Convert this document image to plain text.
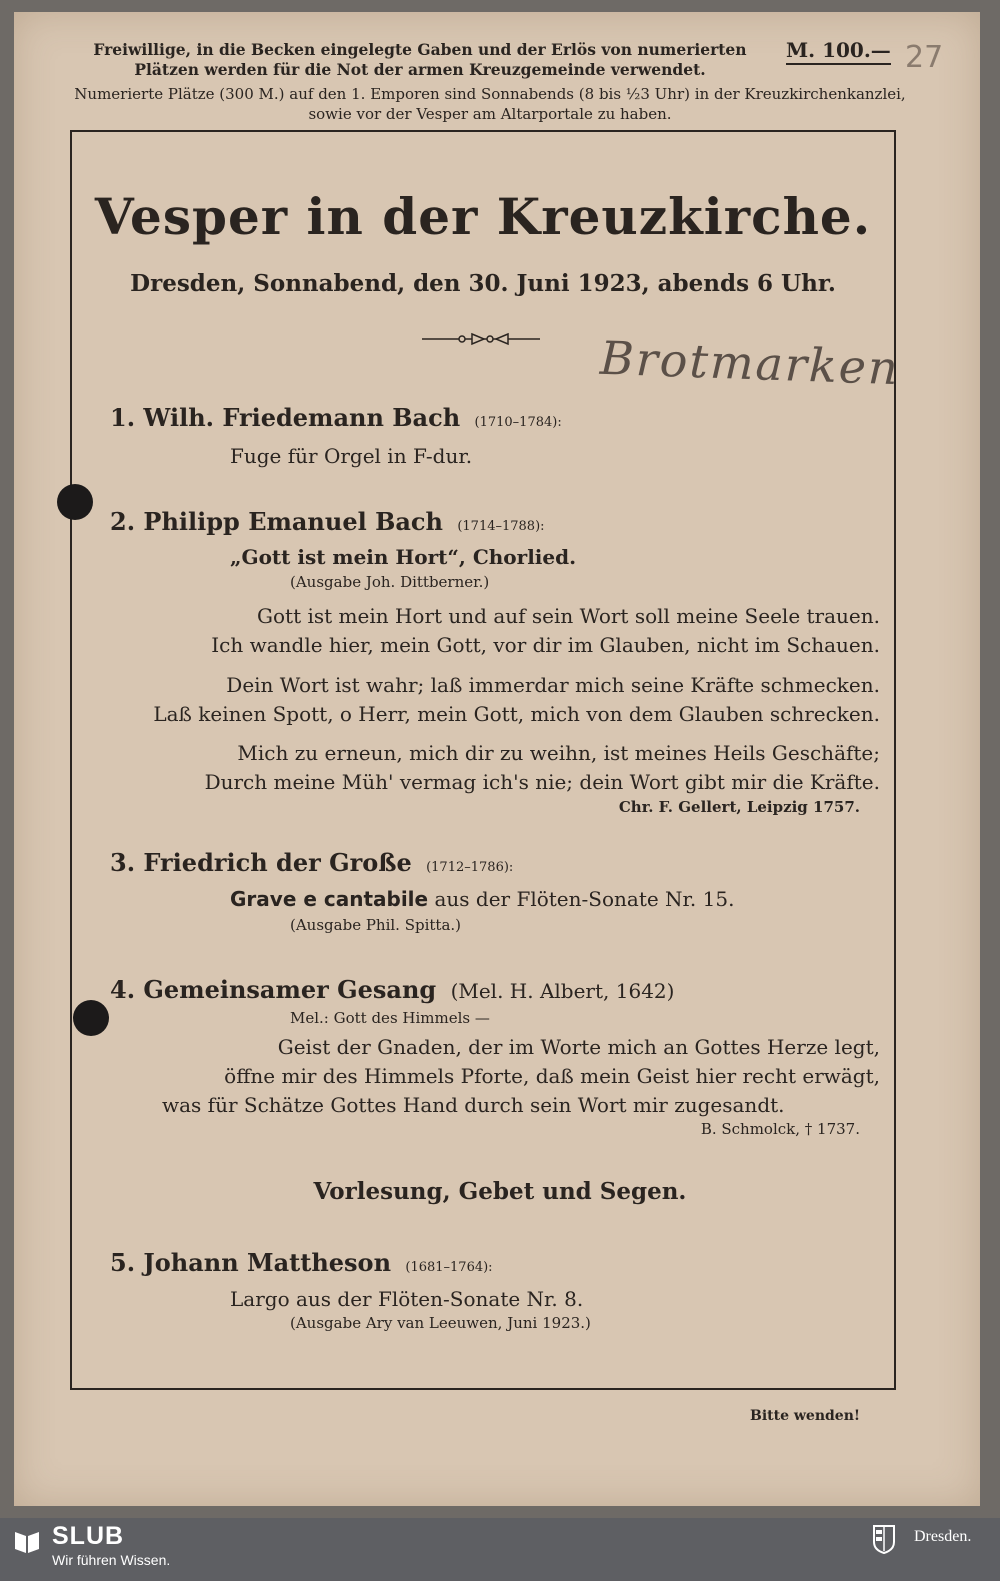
Freiwillige, in die Becken eingelegte Gaben und der Erlös von numerierten Plätzen werden für die Not der armen Kreuzgemeinde verwendet.
M. 100.— 27
Numerierte Plätze (300 M.) auf den 1. Emporen sind Sonnabends (8 bis ½3 Uhr) in der Kreuzkirchenkanzlei, sowie vor der Vesper am Altarportale zu haben.
Vesper in der Kreuzkirche.
Dresden, Sonnabend, den 30. Juni 1923, abends 6 Uhr.
Brotmarken
1. Wilh. Friedemann Bach (1710–1784):
Fuge für Orgel in F-dur.
2. Philipp Emanuel Bach (1714–1788):
„Gott ist mein Hort“, Chorlied.
(Ausgabe Joh. Dittberner.)
Gott ist mein Hort und auf sein Wort soll meine Seele trauen.
Ich wandle hier, mein Gott, vor dir im Glauben, nicht im Schauen.
Dein Wort ist wahr; laß immerdar mich seine Kräfte schmecken.
Laß keinen Spott, o Herr, mein Gott, mich von dem Glauben schrecken.
Mich zu erneun, mich dir zu weihn, ist meines Heils Geschäfte;
Durch meine Müh' vermag ich's nie; dein Wort gibt mir die Kräfte.
Chr. F. Gellert, Leipzig 1757.
3. Friedrich der Große (1712–1786):
Grave e cantabile aus der Flöten-Sonate Nr. 15.
(Ausgabe Phil. Spitta.)
4. Gemeinsamer Gesang (Mel. H. Albert, 1642)
Mel.: Gott des Himmels —
Geist der Gnaden, der im Worte mich an Gottes Herze legt,
öffne mir des Himmels Pforte, daß mein Geist hier recht erwägt,
was für Schätze Gottes Hand durch sein Wort mir zugesandt.
B. Schmolck, † 1737.
Vorlesung, Gebet und Segen.
5. Johann Mattheson (1681–1764):
Largo aus der Flöten-Sonate Nr. 8.
(Ausgabe Ary van Leeuwen, Juni 1923.)
Bitte wenden!
SLUB
Wir führen Wissen.
Dresden.
